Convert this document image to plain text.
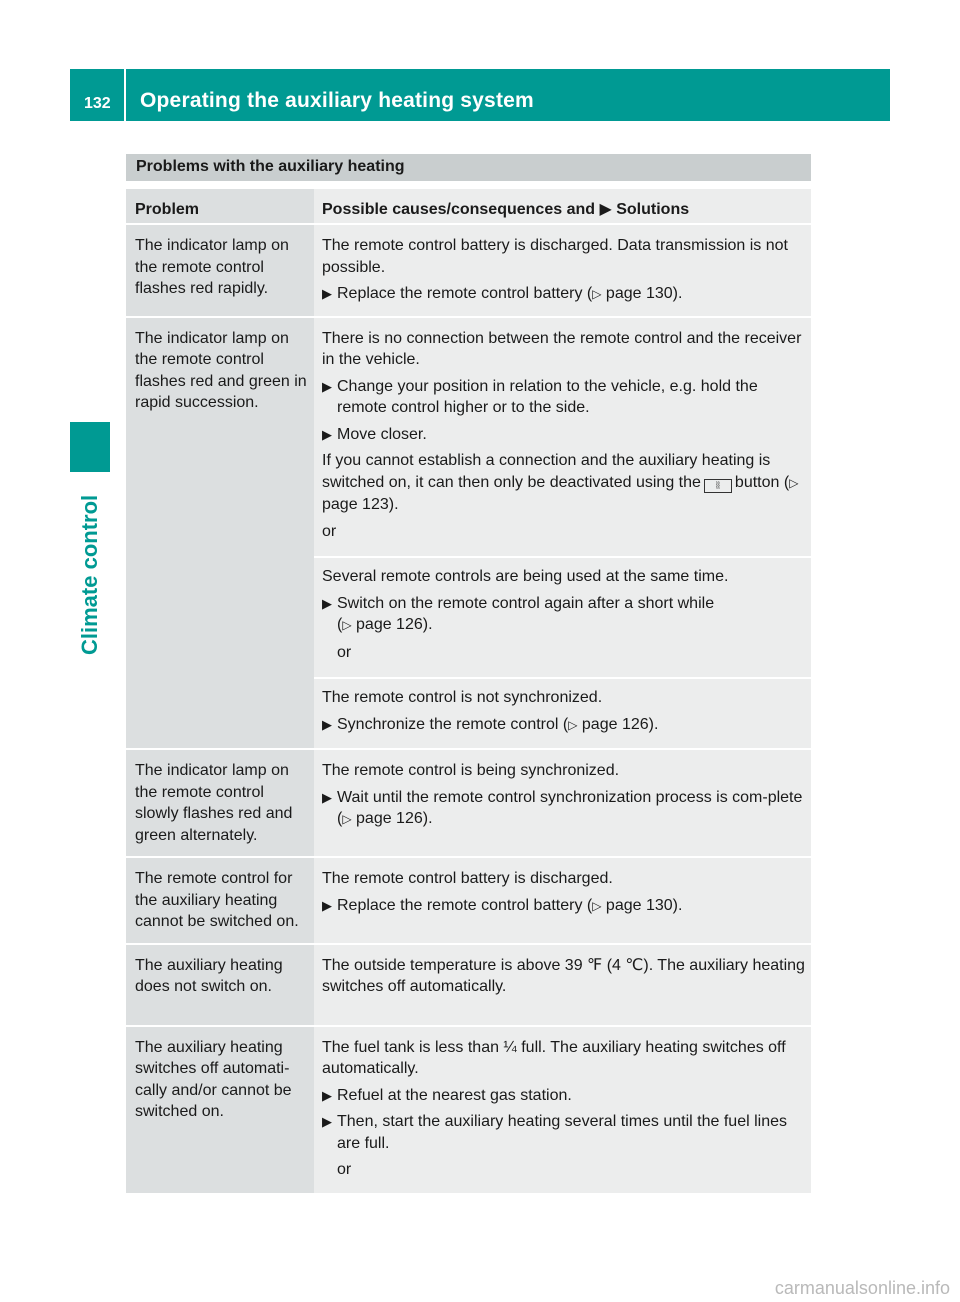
132	Operating the auxiliary heating system
Climate control
Problems with the auxiliary heating
Problem	Possible causes/consequences and ▶ Solutions
The indicator lamp on the remote control flashes red rapidly.

The remote control battery is discharged. Data transmission is not possible.

▶ Replace the remote control battery (▷ page 130).
The indicator lamp on the remote control flashes red and green in rapid succession.

There is no connection between the remote control and the receiver in the vehicle.

▶ Change your position in relation to the vehicle, e.g. hold the remote control higher or to the side.
▶ Move closer.

If you cannot establish a connection and the auxiliary heating is switched on, it can then only be deactivated using the ⦚⦚ button (▷ page 123).

or

Several remote controls are being used at the same time.

▶ Switch on the remote control again after a short while
(▷ page 126).

or

The remote control is not synchronized.

▶ Synchronize the remote control (▷ page 126).
The indicator lamp on the remote control slowly flashes red and green alternately.

The remote control is being synchronized.

▶ Wait until the remote control synchronization process is com-plete (▷ page 126).
The remote control for the auxiliary heating cannot be switched on.

The remote control battery is discharged.

▶ Replace the remote control battery (▷ page 130).
The auxiliary heating does not switch on.

The outside temperature is above 39 ℉ (4 ℃). The auxiliary heating switches off automatically.

The auxiliary heating switches off automati-cally and/or cannot be switched on.

The fuel tank is less than ¼ full. The auxiliary heating switches off automatically.

▶ Refuel at the nearest gas station.
▶ Then, start the auxiliary heating several times until the fuel lines are full.

or

carmanualsonline.info
